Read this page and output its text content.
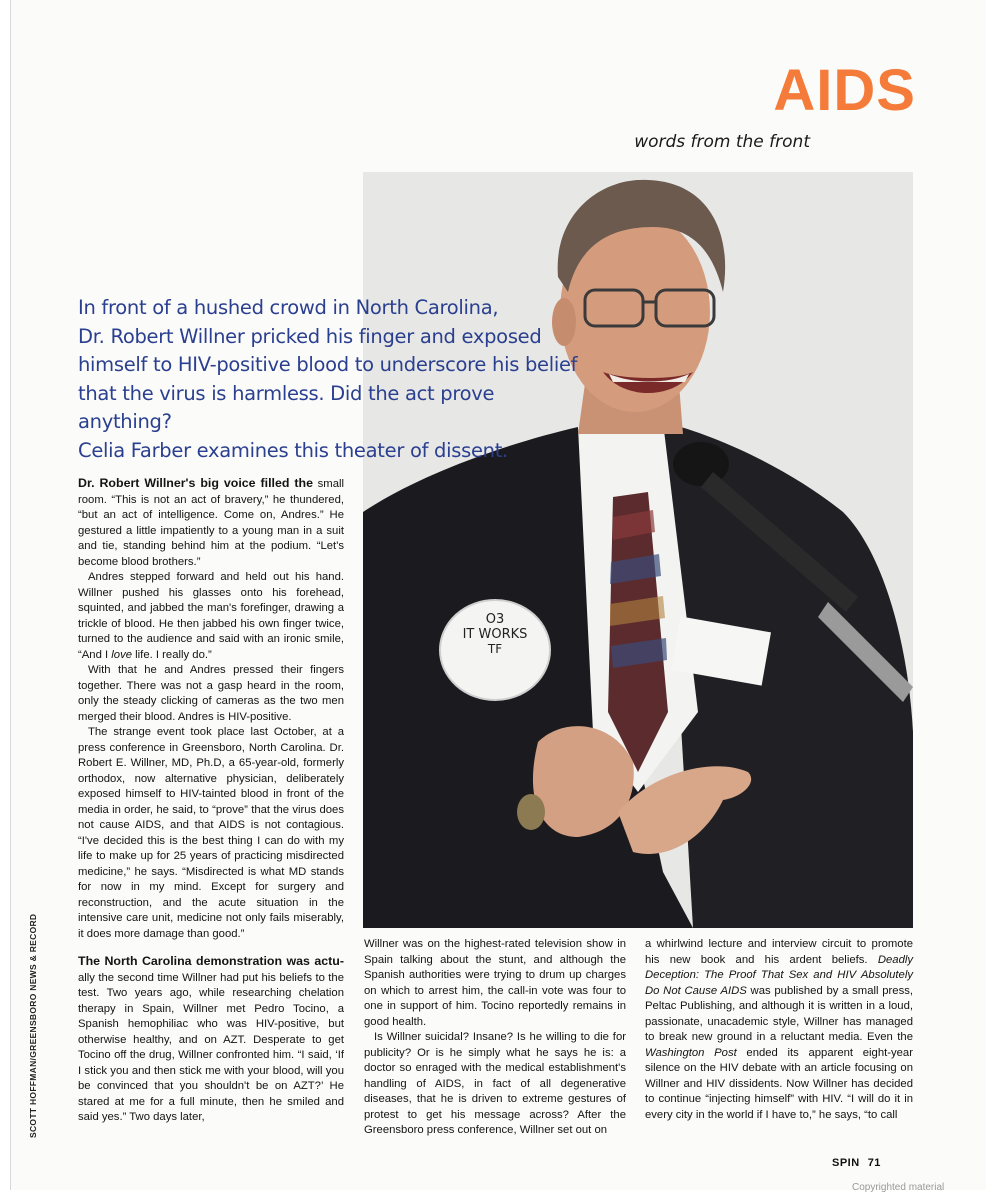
AIDS
words from the front
O3
IT WORKS
TF
In front of a hushed crowd in North Carolina,
Dr. Robert Willner pricked his finger and exposed
himself to HIV-positive blood to underscore his belief
that the virus is harmless. Did the act prove anything?
Celia Farber examines this theater of dissent.

Dr. Robert Willner's big voice filled the small room. “This is not an act of bravery,” he thundered, “but an act of intelligence. Come on, Andres.” He gestured a little impatiently to a young man in a suit and tie, standing behind him at the podium. “Let's become blood brothers.”

Andres stepped forward and held out his hand. Willner pushed his glasses onto his forehead, squinted, and jabbed the man's forefinger, drawing a trickle of blood. He then jabbed his own finger twice, turned to the audience and said with an ironic smile, “And I love life. I really do.”

With that he and Andres pressed their fingers together. There was not a gasp heard in the room, only the steady clicking of cameras as the two men merged their blood. Andres is HIV-positive.

The strange event took place last October, at a press conference in Greensboro, North Carolina. Dr. Robert E. Willner, MD, Ph.D, a 65-year-old, formerly orthodox, now alternative physician, deliberately exposed himself to HIV-tainted blood in front of the media in order, he said, to “prove” that the virus does not cause AIDS, and that AIDS is not contagious. “I've decided this is the best thing I can do with my life to make up for 25 years of practicing misdirected medicine,” he says. “Misdirected is what MD stands for now in my mind. Except for surgery and reconstruction, and the acute situation in the intensive care unit, medicine not only fails miserably, it does more damage than good.”

The North Carolina demonstration was actu- ally the second time Willner had put his beliefs to the test. Two years ago, while researching chelation therapy in Spain, Willner met Pedro Tocino, a Spanish hemophiliac who was HIV-positive, but otherwise healthy, and on AZT. Desperate to get Tocino off the drug, Willner confronted him. “I said, ‘If I stick you and then stick me with your blood, will you be convinced that you shouldn't be on AZT?’ He stared at me for a full minute, then he smiled and said yes.” Two days later,

Willner was on the highest-rated television show in Spain talking about the stunt, and although the Spanish authorities were trying to drum up charges on which to arrest him, the call-in vote was four to one in support of him. Tocino reportedly remains in good health.

Is Willner suicidal? Insane? Is he willing to die for publicity? Or is he simply what he says he is: a doctor so enraged with the medical establishment's handling of AIDS, in fact of all degenerative diseases, that he is driven to extreme gestures of protest to get his message across? After the Greensboro press conference, Willner set out on

a whirlwind lecture and interview circuit to promote his new book and his ardent beliefs. Deadly Deception: The Proof That Sex and HIV Absolutely Do Not Cause AIDS was published by a small press, Peltac Publishing, and although it is written in a loud, passionate, unacademic style, Willner has managed to break new ground in a reluctant media. Even the Washington Post ended its apparent eight-year silence on the HIV debate with an article focusing on Willner and HIV dissidents. Now Willner has decided to continue “injecting himself” with HIV. “I will do it in every city in the world if I have to,” he says, “to call

SCOTT HOFFMAN/GREENSBORO NEWS & RECORD
SPIN 71
Copyrighted material
